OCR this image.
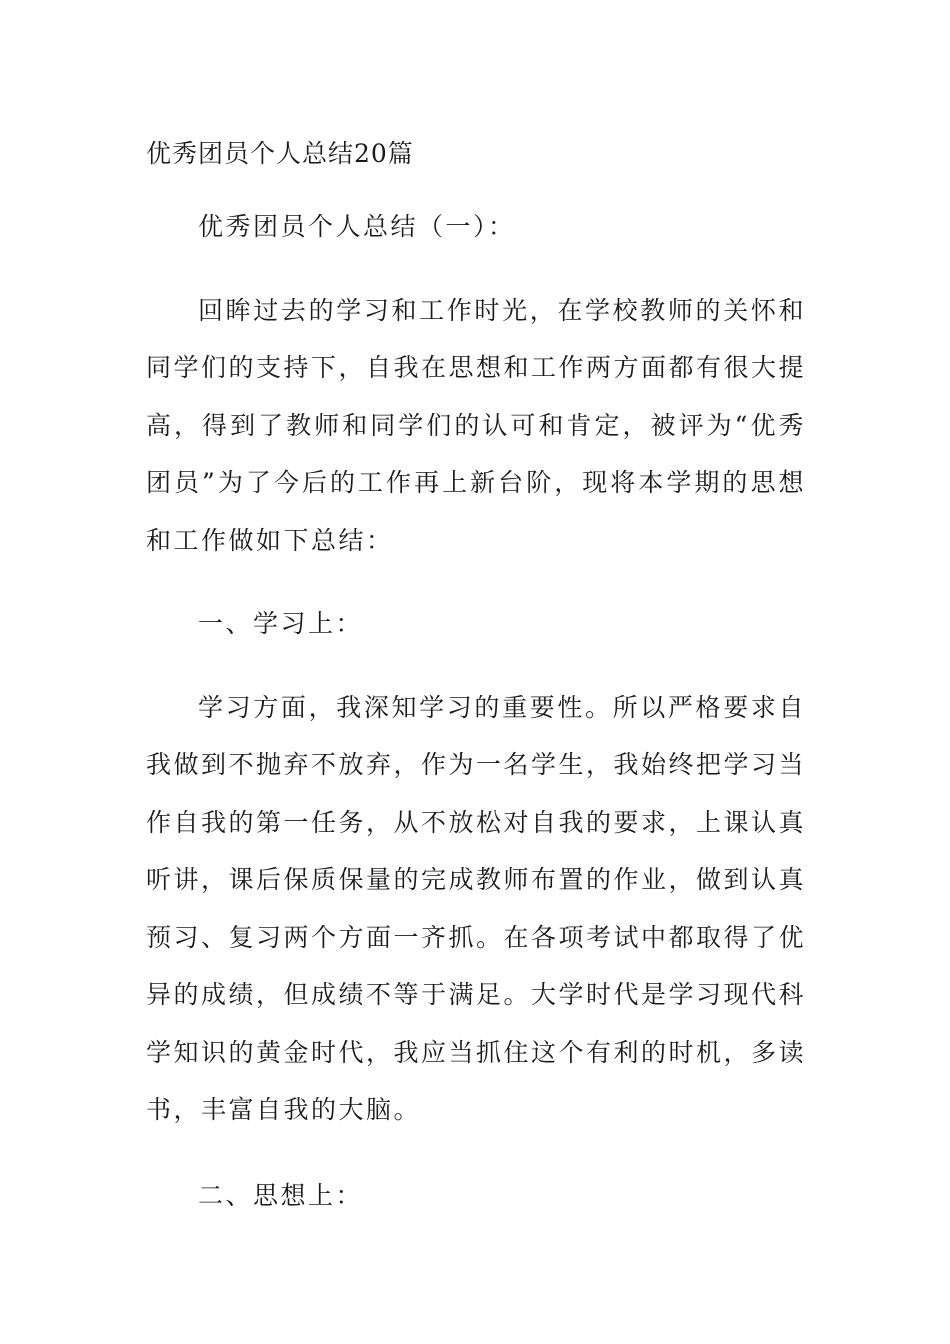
优秀团员个人总结20篇

优秀团员个人总结（一）：

回眸过去的学习和工作时光，在学校教师的关怀和同学们的支持下，自我在思想和工作两方面都有很大提高，得到了教师和同学们的认可和肯定，被评为“优秀团员”为了今后的工作再上新台阶，现将本学期的思想和工作做如下总结：

一、学习上：

学习方面，我深知学习的重要性。所以严格要求自我做到不抛弃不放弃，作为一名学生，我始终把学习当作自我的第一任务，从不放松对自我的要求，上课认真听讲，课后保质保量的完成教师布置的作业，做到认真预习、复习两个方面一齐抓。在各项考试中都取得了优异的成绩，但成绩不等于满足。大学时代是学习现代科学知识的黄金时代，我应当抓住这个有利的时机，多读书，丰富自我的大脑。

二、思想上：
